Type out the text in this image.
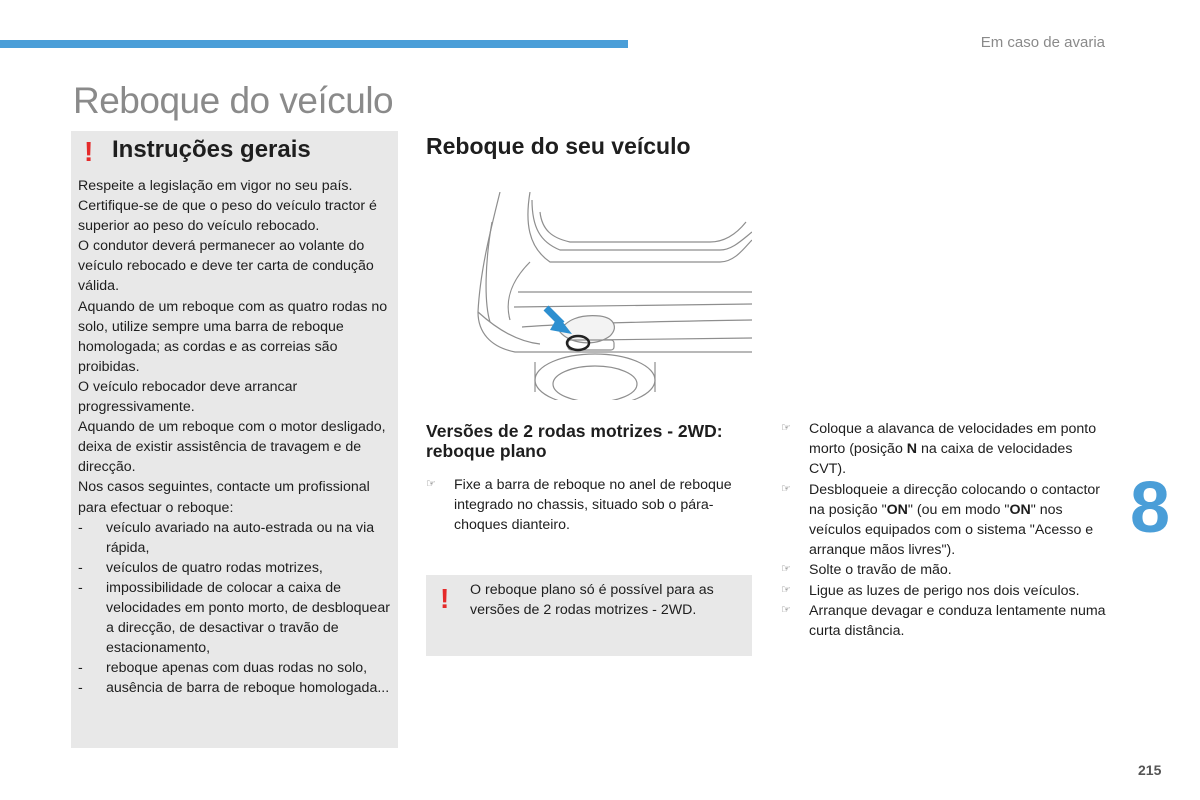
Em caso de avaria
Reboque do veículo
! Instruções gerais

Respeite a legislação em vigor no seu país.

Certifique-se de que o peso do veículo tractor é superior ao peso do veículo rebocado.

O condutor deverá permanecer ao volante do veículo rebocado e deve ter carta de condução válida.

Aquando de um reboque com as quatro rodas no solo, utilize sempre uma barra de reboque homologada; as cordas e as correias são proibidas.

O veículo rebocador deve arrancar progressivamente.

Aquando de um reboque com o motor desligado, deixa de existir assistência de travagem e de direcção.

Nos casos seguintes, contacte um profissional para efectuar o reboque:

- veículo avariado na auto-estrada ou na via rápida,
- veículos de quatro rodas motrizes,
- impossibilidade de colocar a caixa de velocidades em ponto morto, de desbloquear a direcção, de desactivar o travão de estacionamento,
- reboque apenas com duas rodas no solo,
- ausência de barra de reboque homologada...
Reboque do seu veículo
Versões de 2 rodas motrizes - 2WD: reboque plano
☞ Fixe a barra de reboque no anel de reboque integrado no chassis, situado sob o pára-choques dianteiro.
! O reboque plano só é possível para as versões de 2 rodas motrizes - 2WD.
☞ Coloque a alavanca de velocidades em ponto morto (posição N na caixa de velocidades CVT).
☞ Desbloqueie a direcção colocando o contactor na posição "ON" (ou em modo "ON" nos veículos equipados com o sistema "Acesso e arranque mãos livres").
☞ Solte o travão de mão.
☞ Ligue as luzes de perigo nos dois veículos.
☞ Arranque devagar e conduza lentamente numa curta distância.
8
215
